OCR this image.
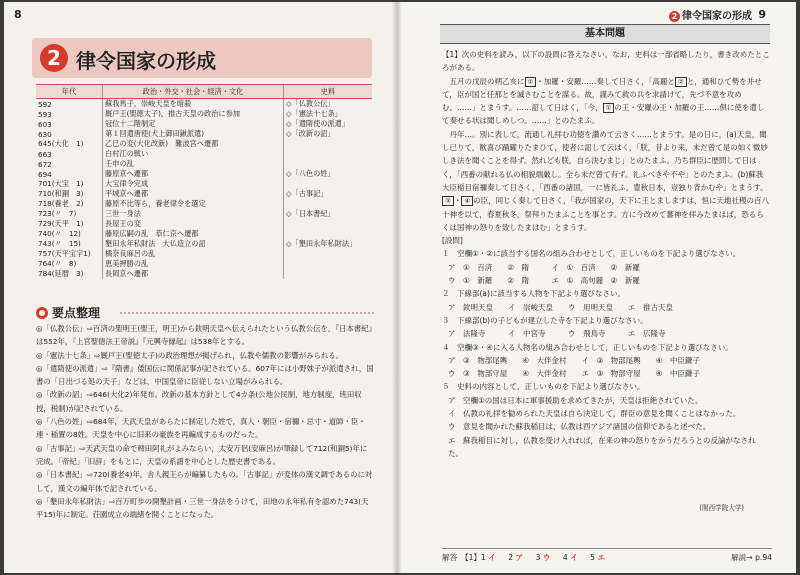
8
2 律令国家の形成
年代	政治・外交・社会・経済・文化	史料
592	蘇我馬子，崇峻天皇を暗殺	◇「仏教公伝」
593	厩戸王(聖徳太子)，推古天皇の政治に参加	◇「憲法十七条」
603	冠位十二階制定	◇「遣隋使の派遣」
630	第１回遣唐使(犬上御田鍬派遣)	◇「改新の詔」
645(大化　1)	乙巳の変(大化改新)　難波宮へ遷都	
663	白村江の戦い	
672	壬申の乱	
694	藤原京へ遷都	◇「八色の姓」
701(大宝　1)	大宝律令完成	
710(和銅　3)	平城京へ遷都	◇「古事記」
718(養老　2)	藤原不比等ら，養老律令を選定	
723(〃　7)	三世一身法	◇「日本書紀」
729(天平　1)	長屋王の変	
740(〃　12)	藤原広嗣の乱　恭仁京へ遷都	
743(〃　15)	墾田永年私財法　大仏造立の詔	◇「墾田永年私財法」
757(天平宝字1)	橘奈良麻呂の乱	
764(〃　8)	恵美押勝の乱	
784(延暦　3)	長岡京へ遷都	
要点整理

◎「仏教公伝」⇨百済の聖明王(聖王，明王)から欽明天皇へ伝えられたという仏教公伝を，『日本書紀』は552年，『上宮聖徳法王帝説』『元興寺縁起』は538年とする。

◎「憲法十七条」⇨厩戸王(聖徳太子)の政治理想が掲げられ，仏教や儒教の影響がみられる。

◎「遣隋使の派遣」⇨『隋書』倭国伝に関係記事が記されている。607年には小野妹子が派遣され，国書の「日出づる処の天子」などは，中国皇帝に臣従しない立場がみられる。

◎「改新の詔」⇨646(大化2)年発布。改新の基本方針として4カ条(公地公民制，地方制度，班田収授，税制)が記されている。

◎「八色の姓」⇨684年，天武天皇があらたに制定した姓で，真人・朝臣・宿禰・忌寸・道師・臣・連・稲置の8姓。天皇を中心に旧来の豪族を再編成するものだった。

◎「古事記」⇨天武天皇の命で稗田阿礼がよみならい，太安万侶(安麻呂)が筆録して712(和銅5)年に完成。「帝紀」「旧辞」をもとに，天皇の系譜を中心とした歴史書である。

◎「日本書紀」⇨720(養老4)年，舎人親王らが編纂したもの。「古事記」が変体の漢文調であるのに対して，漢文の編年体で記されている。

◎「墾田永年私財法」⇨百万町歩の開墾計画・三世一身法をうけて，田地の永年私有を認めた743(天平15)年に制定。荘園成立の端緒を開くことになった。

2 律令国家の形成 9
基本問題

【1】次の史料を読み，以下の設問に答えなさい。なお，史料は一部省略したり，書き改めたところがある。

　五月の戊辰の朔乙亥に ① ・加羅・安羅……奏して日さく，「高麗と ② と，通和ひて勢を并せて，臣が国と任那とを滅さむことを謀る。故，謹みて救の兵を求請けて，先づ不意を攻めむ。……」とまうす。……詔して日はく，「今， ① の王・安羅の王・加羅の王……倶に使を遣して奏せる状は聞しめしつ。……」とのたまふ。

　丹年…。別に表して，流通し礼拝む功徳を讃めて云さく……とまうす。是の日に，(a)天皇，聞し已りて，歓喜び踊躍りたまひて，使者に詔して云はく，「朕，昔より来，未だ曾て是の如く微妙しき法を聞くことを得ず。然れども朕，自ら決むまじ」とのたまふ。乃ち群臣に歴問して日はく，「西番の献れる仏の相貌端厳し。全ら未だ曾て有ず。礼ふべきや不や」とのたまふ。(b)蘇我大臣稲目宿禰奏して日さく，「西番の諸国，一に皆礼ふ。豊秋日本，豈独り背かむや」とまうす。③ ・ ④ の臣，同じく奏して日さく，「我が国家の，天下に王とましますは，恒に天地社稷の百八十神を以て，春夏秋冬，祭拜りたまふことを事とす。方に今改めて蕃神を拝みたまはば，恐るらくは国神の怒りを致したまはむ」とまうす。

[設問]

１　空欄①・②に該当する国名の組み合わせとして，正しいものを下記より選びなさい。

ア　①　百済　　②　隋　　　イ　①　百済　　②　新羅

ウ　①　新羅　　②　隋　　　エ　①　高句麗　②　新羅

２　下線部(a)に該当する人物を下記より選びなさい。

ア　欽明天皇　　イ　崇峻天皇　　ウ　用明天皇　　エ　推古天皇

３　下線部(b)の子どもが建立した寺を下記より選びなさい。

ア　法隆寺　　　イ　中宮寺　　　ウ　飛鳥寺　　　エ　広隆寺

４　空欄③・④に入る人物名の組み合わせとして，正しいものを下記より選びなさい。

ア　③　物部尾輿　　④　大伴金村　　イ　③　物部尾輿　　④　中臣鎌子

ウ　③　物部守屋　　④　大伴金村　　エ　③　物部守屋　　④　中臣鎌子

５　史料の内容として，正しいものを下記より選びなさい。

ア　空欄①の国は日本に軍事援助を求めてきたが，天皇は拒絶されていた。

イ　仏教の礼拝を勧められた天皇は自ら決定して，群臣の意見を聞くことはなかった。

ウ　意見を聞かれた蘇我稲目は，仏教は西アジア諸国の信仰であると述べた。

エ　蘇我稲目に対し，仏教を受け入れれば，在来の神の怒りをかうだろうとの反論がなされた。

(関西学院大学)
解答　【1】1 イ 2 ア 3 ウ 4 イ 5 エ	解説→ p.94
